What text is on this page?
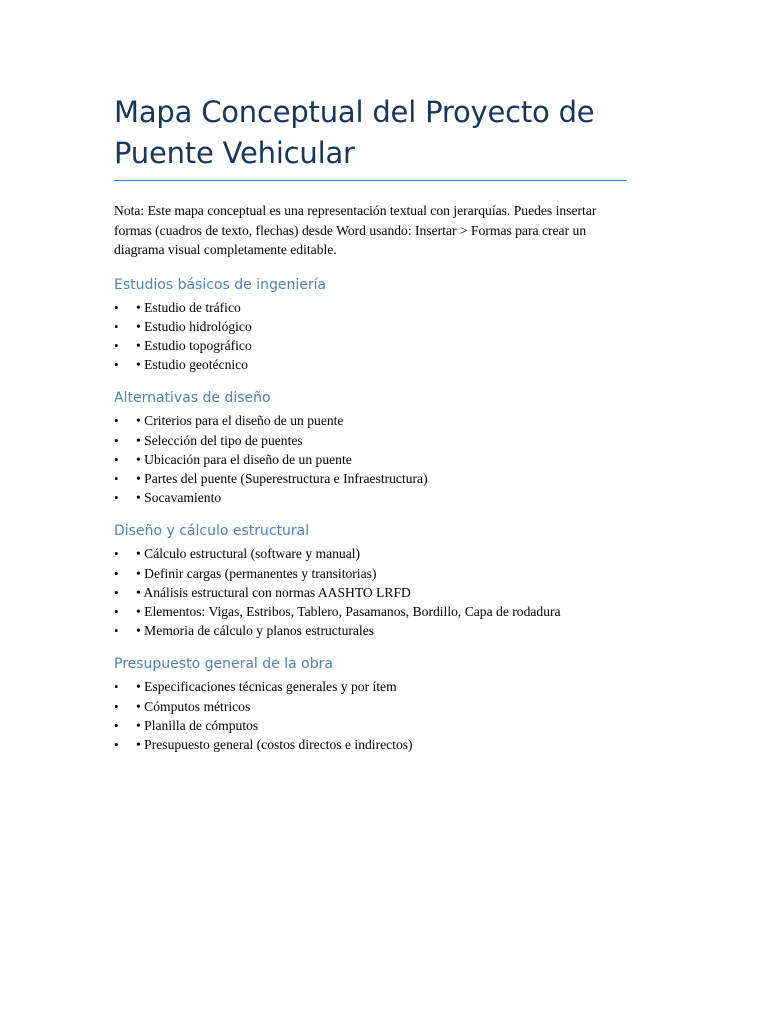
Mapa Conceptual del Proyecto de
Puente Vehicular

Nota: Este mapa conceptual es una representación textual con jerarquías. Puedes insertar formas (cuadros de texto, flechas) desde Word usando: Insertar > Formas para crear un diagrama visual completamente editable.

Estudios básicos de ingeniería
•	• Estudio de tráfico
•	• Estudio hidrológico
•	• Estudio topográfico
•	• Estudio geotécnico
Alternativas de diseño
•	• Criterios para el diseño de un puente
•	• Selección del tipo de puentes
•	• Ubicación para el diseño de un puente
•	• Partes del puente (Superestructura e Infraestructura)
•	• Socavamiento
Diseño y cálculo estructural
•	• Cálculo estructural (software y manual)
•	• Definir cargas (permanentes y transitorias)
•	• Análisis estructural con normas AASHTO LRFD
•	• Elementos: Vigas, Estribos, Tablero, Pasamanos, Bordillo, Capa de rodadura
•	• Memoria de cálculo y planos estructurales
Presupuesto general de la obra
•	• Especificaciones técnicas generales y por ítem
•	• Cómputos métricos
•	• Planilla de cómputos
•	• Presupuesto general (costos directos e indirectos)
